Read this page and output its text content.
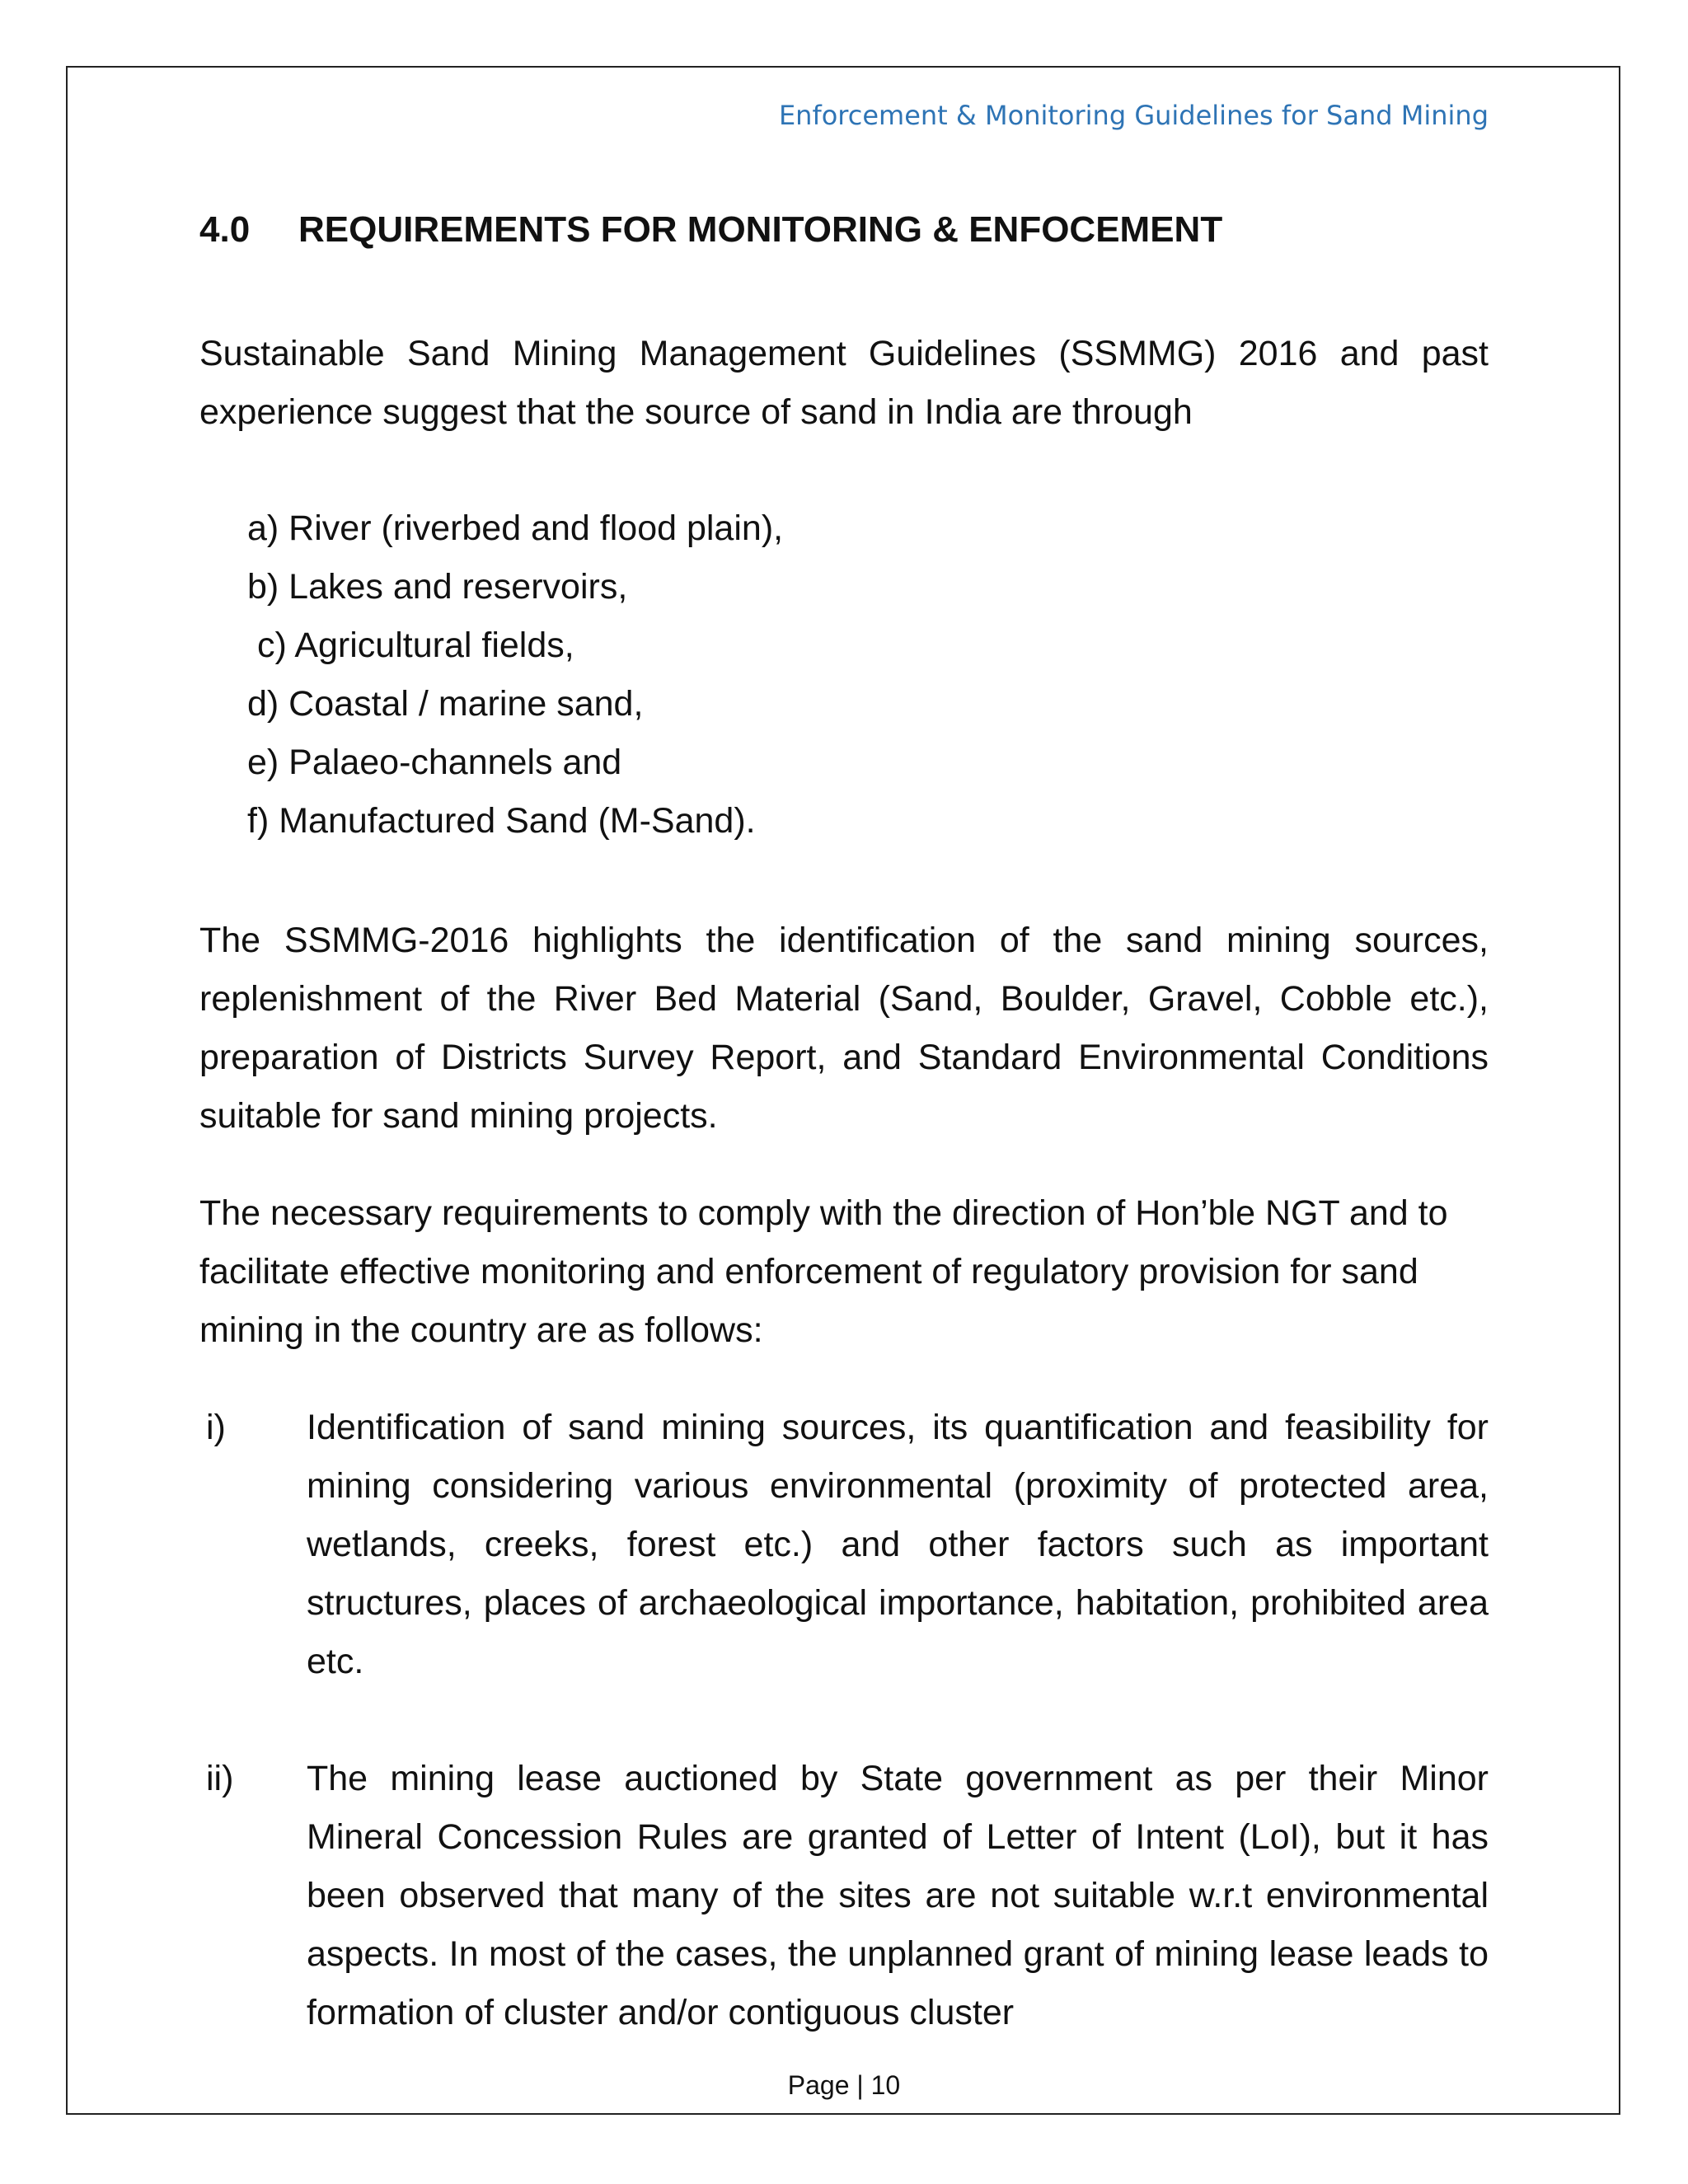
Enforcement & Monitoring Guidelines for Sand Mining
4.0 REQUIREMENTS FOR MONITORING & ENFOCEMENT

Sustainable Sand Mining Management Guidelines (SSMMG) 2016 and past experience suggest that the source of sand in India are through

a) River (riverbed and flood plain),
b) Lakes and reservoirs,
c) Agricultural fields,
d) Coastal / marine sand,
e) Palaeo-channels and
f) Manufactured Sand (M-Sand).

The SSMMG-2016 highlights the identification of the sand mining sources, replenishment of the River Bed Material (Sand, Boulder, Gravel, Cobble etc.), preparation of Districts Survey Report, and Standard Environmental Conditions suitable for sand mining projects.

The necessary requirements to comply with the direction of Hon’ble NGT and to facilitate effective monitoring and enforcement of regulatory provision for sand mining in the country are as follows:

i) Identification of sand mining sources, its quantification and feasibility for mining considering various environmental (proximity of protected area, wetlands, creeks, forest etc.) and other factors such as important structures, places of archaeological importance, habitation, prohibited area etc.
ii) The mining lease auctioned by State government as per their Minor Mineral Concession Rules are granted of Letter of Intent (LoI), but it has been observed that many of the sites are not suitable w.r.t environmental aspects. In most of the cases, the unplanned grant of mining lease leads to formation of cluster and/or contiguous cluster
Page | 10
